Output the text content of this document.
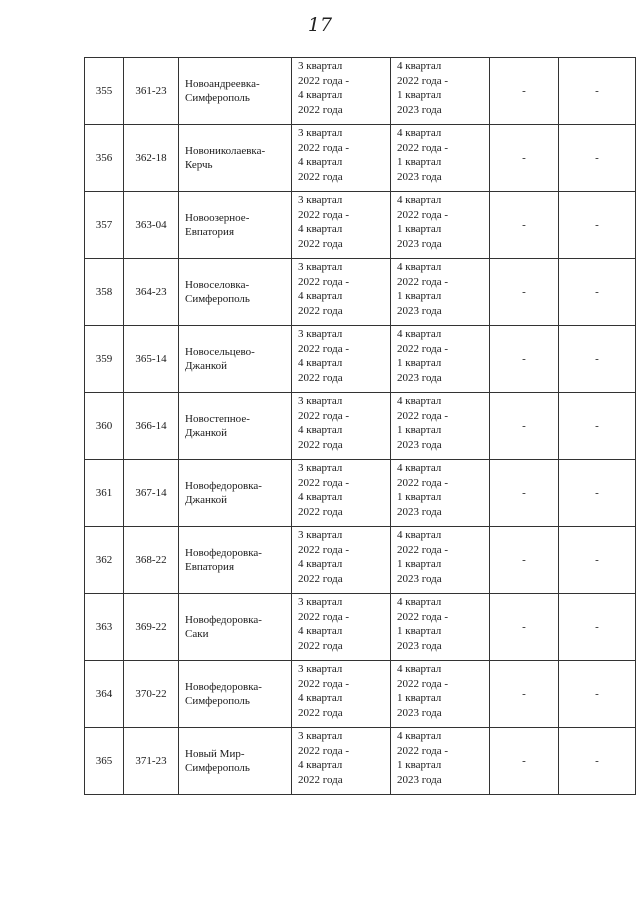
17
355	361-23	Новоандреевка-
Симферополь	3 квартал
2022 года -
4 квартал
2022 года	4 квартал
2022 года -
1 квартал
2023 года	-	-
356	362-18	Новониколаевка-
Керчь	3 квартал
2022 года -
4 квартал
2022 года	4 квартал
2022 года -
1 квартал
2023 года	-	-
357	363-04	Новоозерное-
Евпатория	3 квартал
2022 года -
4 квартал
2022 года	4 квартал
2022 года -
1 квартал
2023 года	-	-
358	364-23	Новоселовка-
Симферополь	3 квартал
2022 года -
4 квартал
2022 года	4 квартал
2022 года -
1 квартал
2023 года	-	-
359	365-14	Новосельцево-
Джанкой	3 квартал
2022 года -
4 квартал
2022 года	4 квартал
2022 года -
1 квартал
2023 года	-	-
360	366-14	Новостепное-
Джанкой	3 квартал
2022 года -
4 квартал
2022 года	4 квартал
2022 года -
1 квартал
2023 года	-	-
361	367-14	Новофедоровка-
Джанкой	3 квартал
2022 года -
4 квартал
2022 года	4 квартал
2022 года -
1 квартал
2023 года	-	-
362	368-22	Новофедоровка-
Евпатория	3 квартал
2022 года -
4 квартал
2022 года	4 квартал
2022 года -
1 квартал
2023 года	-	-
363	369-22	Новофедоровка-
Саки	3 квартал
2022 года -
4 квартал
2022 года	4 квартал
2022 года -
1 квартал
2023 года	-	-
364	370-22	Новофедоровка-
Симферополь	3 квартал
2022 года -
4 квартал
2022 года	4 квартал
2022 года -
1 квартал
2023 года	-	-
365	371-23	Новый Мир-
Симферополь	3 квартал
2022 года -
4 квартал
2022 года	4 квартал
2022 года -
1 квартал
2023 года	-	-
